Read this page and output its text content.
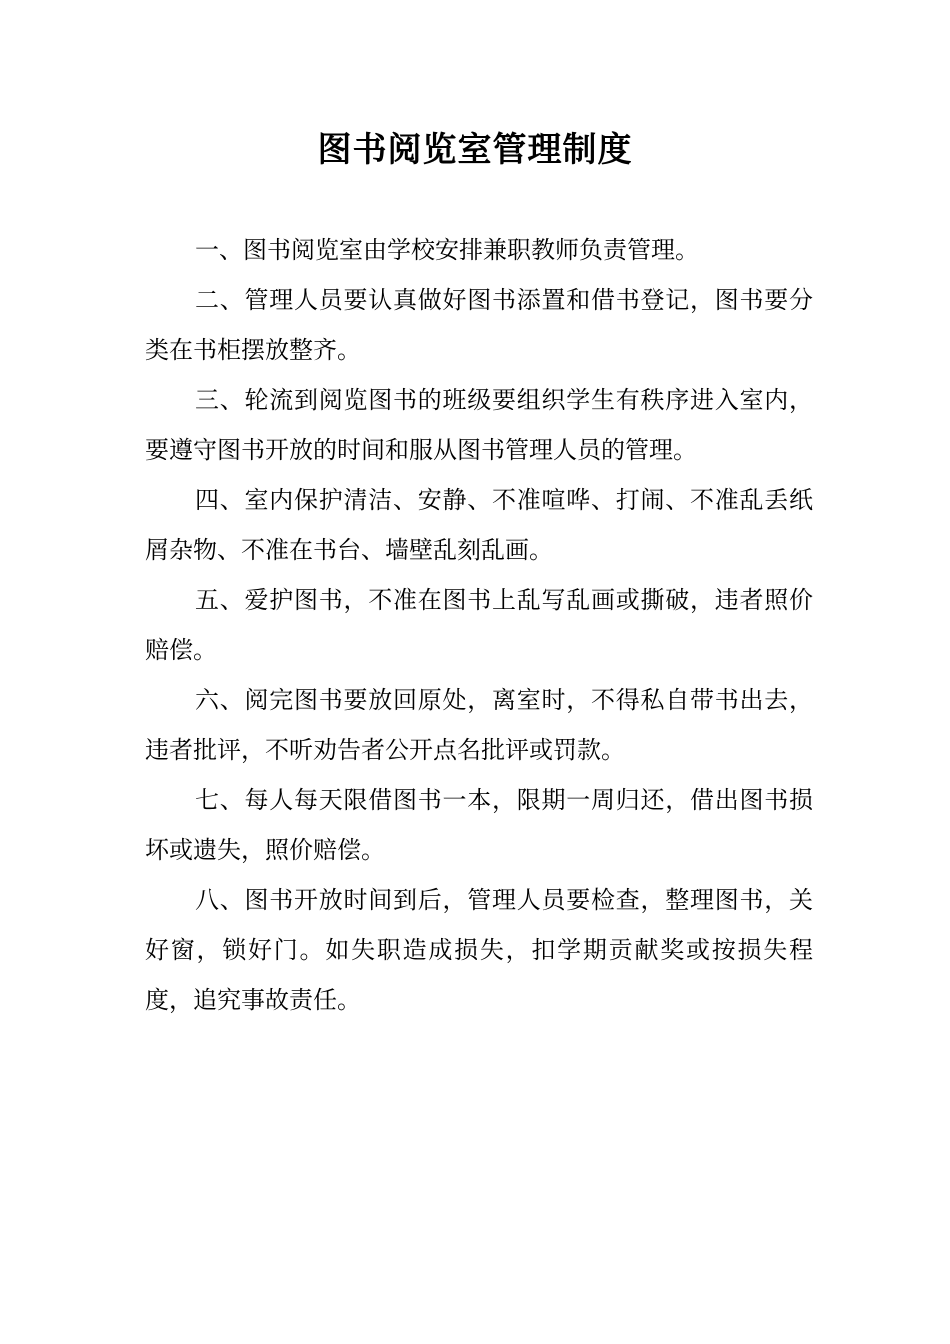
图书阅览室管理制度

一、图书阅览室由学校安排兼职教师负责管理。

二、管理人员要认真做好图书添置和借书登记，图书要分类在书柜摆放整齐。

三、轮流到阅览图书的班级要组织学生有秩序进入室内，要遵守图书开放的时间和服从图书管理人员的管理。

四、室内保护清洁、安静、不准喧哗、打闹、不准乱丢纸屑杂物、不准在书台、墙壁乱刻乱画。

五、爱护图书，不准在图书上乱写乱画或撕破，违者照价赔偿。

六、阅完图书要放回原处，离室时，不得私自带书出去，违者批评，不听劝告者公开点名批评或罚款。

七、每人每天限借图书一本，限期一周归还，借出图书损坏或遗失，照价赔偿。

八、图书开放时间到后，管理人员要检查，整理图书，关好窗，锁好门。如失职造成损失，扣学期贡献奖或按损失程度，追究事故责任。
